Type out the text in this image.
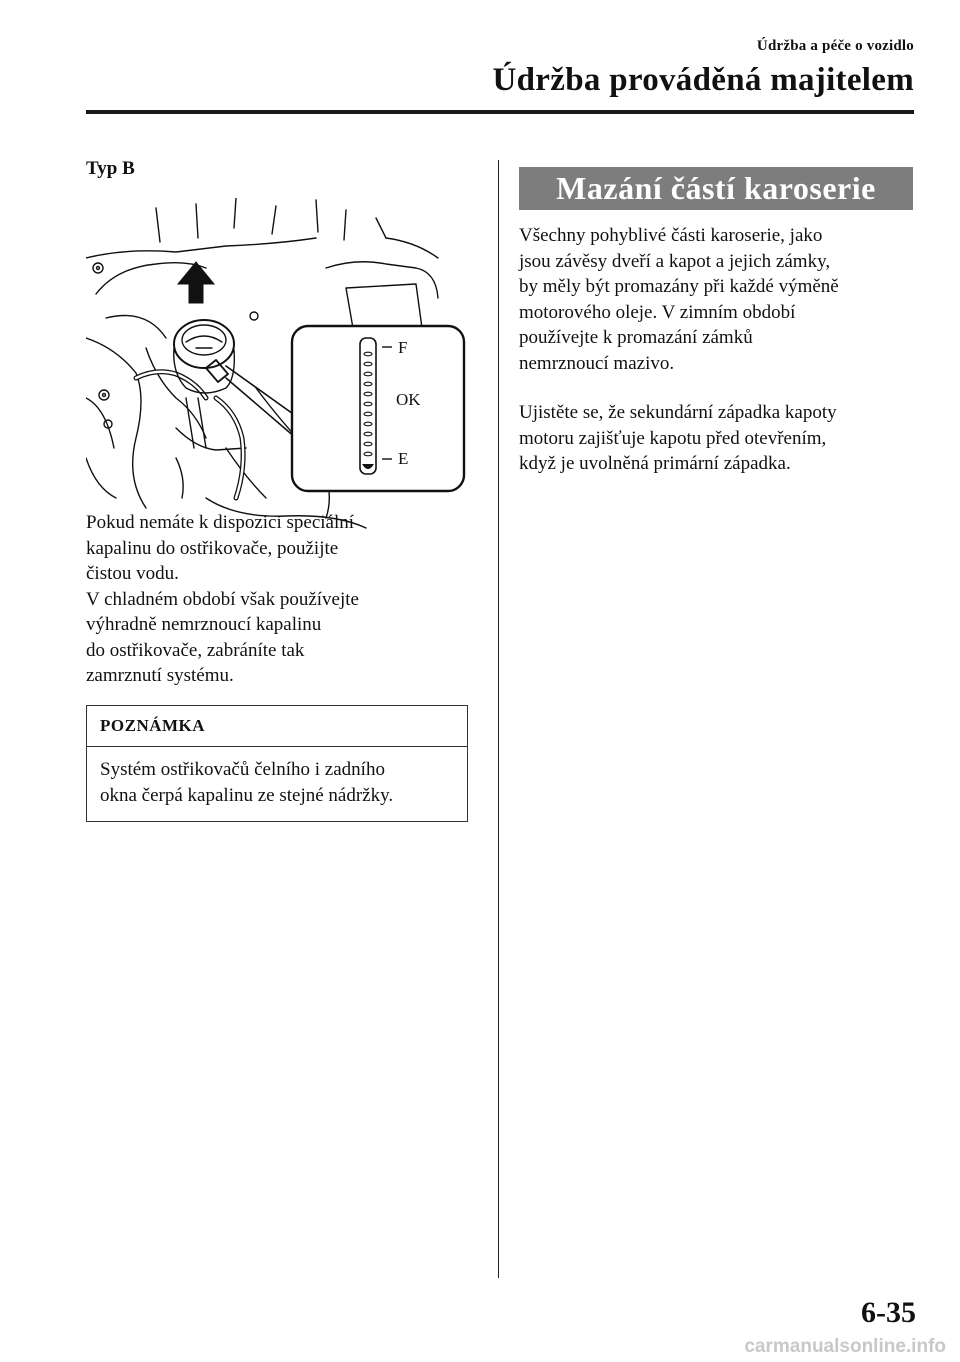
Údržba a péče o vozidlo
Údržba prováděná majitelem
Typ B
F
OK
E
Pokud nemáte k dispozici speciální
kapalinu do ostřikovače, použijte
čistou vodu.
V chladném období však používejte
výhradně nemrznoucí kapalinu
do ostřikovače, zabráníte tak
zamrznutí systému.
POZNÁMKA
Systém ostřikovačů čelního i zadního
okna čerpá kapalinu ze stejné nádržky.
Mazání částí karoserie
Všechny pohyblivé části karoserie, jako
jsou závěsy dveří a kapot a jejich zámky,
by měly být promazány při každé výměně
motorového oleje. V zimním období
používejte k promazání zámků
nemrznoucí mazivo.
Ujistěte se, že sekundární západka kapoty
motoru zajišťuje kapotu před otevřením,
když je uvolněná primární západka.
6-35
carmanualsonline.info
